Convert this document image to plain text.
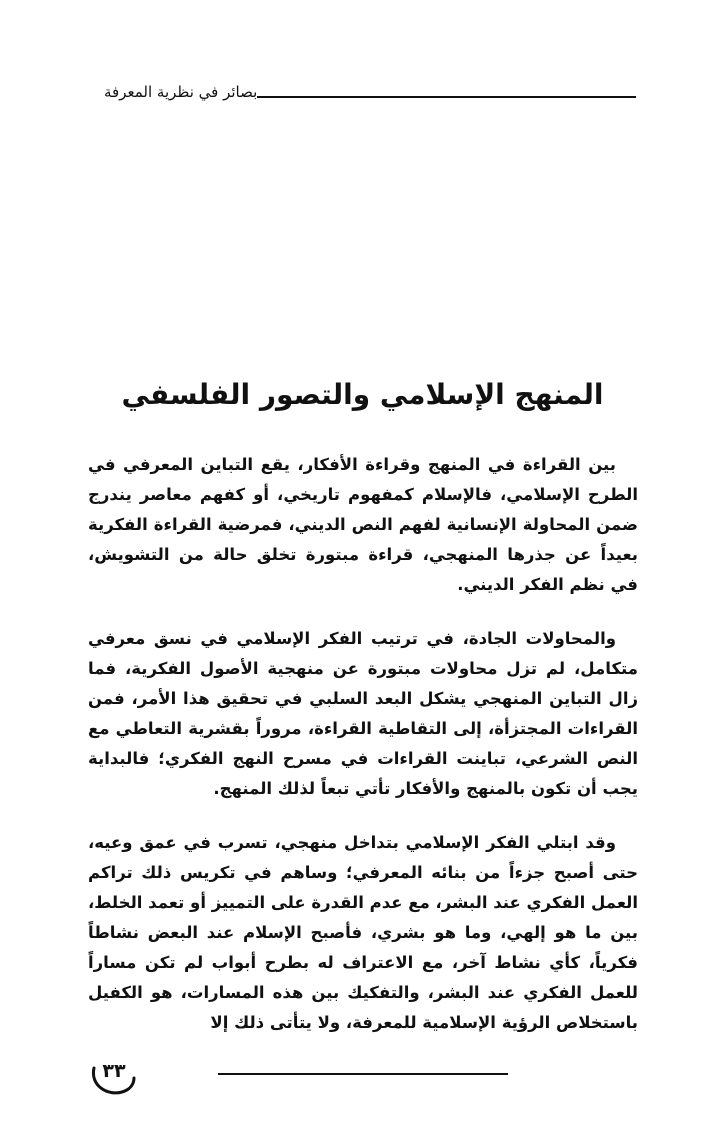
بصائر في نظرية المعرفة
المنهج الإسلامي والتصور الفلسفي

بين القراءة في المنهج وقراءة الأفكار، يقع التباين المعرفي في الطرح الإسلامي، فالإسلام كمفهوم تاريخي، أو كفهم معاصر يندرج ضمن المحاولة الإنسانية لفهم النص الديني، فمرضية القراءة الفكرية بعيداً عن جذرها المنهجي، قراءة مبتورة تخلق حالة من التشويش، في نظم الفكر الديني.

والمحاولات الجادة، في ترتيب الفكر الإسلامي في نسق معرفي متكامل، لم تزل محاولات مبتورة عن منهجية الأصول الفكرية، فما زال التباين المنهجي يشكل البعد السلبي في تحقيق هذا الأمر، فمن القراءات المجتزأة، إلى التقاطية القراءة، مروراً بقشرية التعاطي مع النص الشرعي، تباينت القراءات في مسرح النهج الفكري؛ فالبداية يجب أن تكون بالمنهج والأفكار تأتي تبعاً لذلك المنهج.

وقد ابتلي الفكر الإسلامي بتداخل منهجي، تسرب في عمق وعيه، حتى أصبح جزءاً من بنائه المعرفي؛ وساهم في تكريس ذلك تراكم العمل الفكري عند البشر، مع عدم القدرة على التمييز أو تعمد الخلط، بين ما هو إلهي، وما هو بشري، فأصبح الإسلام عند البعض نشاطاً فكرياً، كأي نشاط آخر، مع الاعتراف له بطرح أبواب لم تكن مساراً للعمل الفكري عند البشر، والتفكيك بين هذه المسارات، هو الكفيل باستخلاص الرؤية الإسلامية للمعرفة، ولا يتأتى ذلك إلا

٣٣
